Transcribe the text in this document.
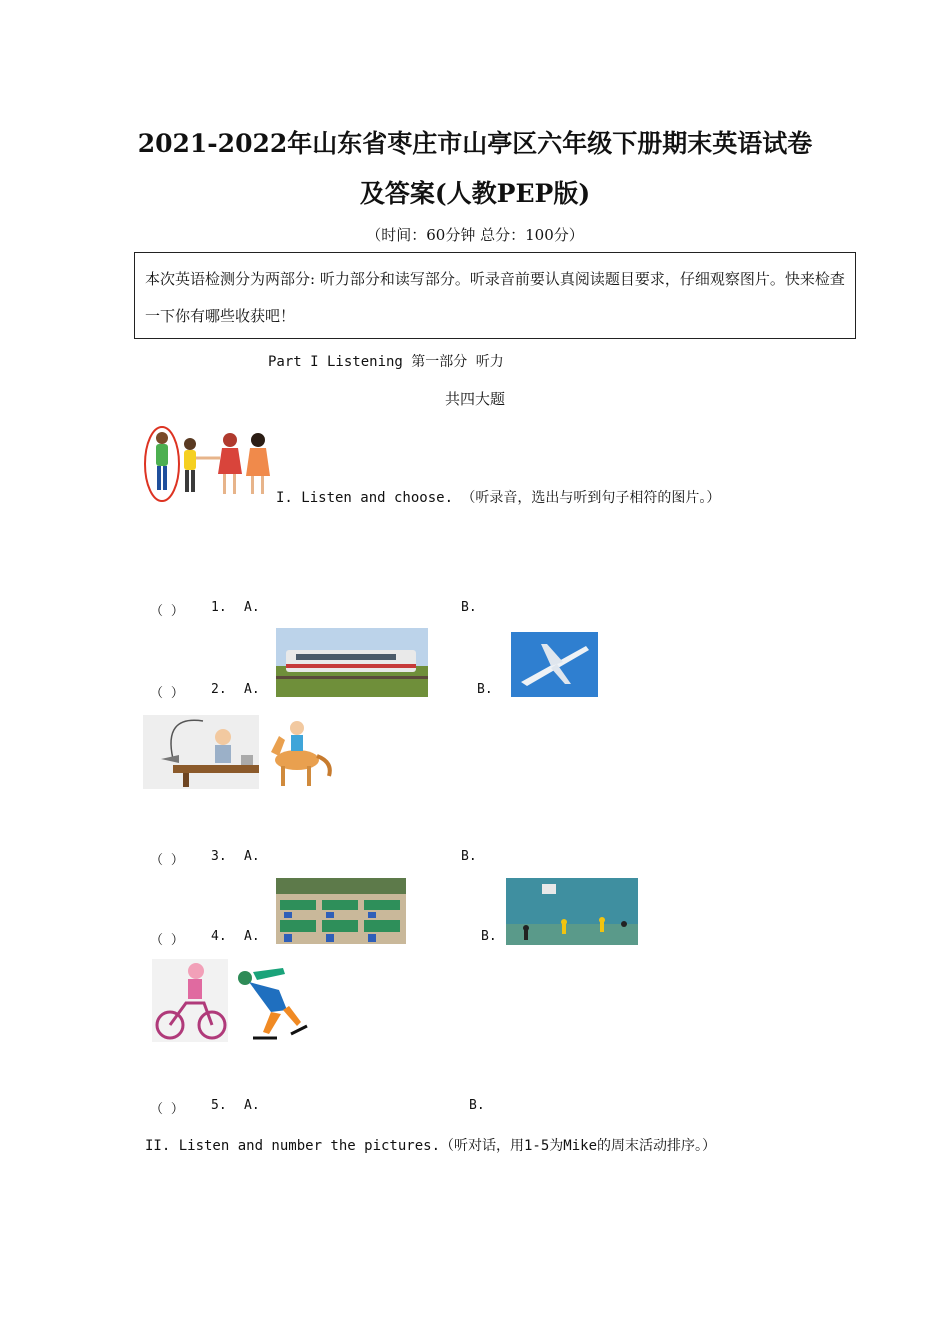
2021-2022年山东省枣庄市山亭区六年级下册期末英语试卷
及答案(人教PEP版)
（时间：60分钟 总分：100分）
本次英语检测分为两部分: 听力部分和读写部分。听录音前要认真阅读题目要求，仔细观察图片。快来检查一下你有哪些收获吧！
Part I Listening 第一部分 听力
共四大题
I. Listen and choose. （听录音，选出与听到句子相符的图片。）
（ ） 1. A.	B.
（ ） 2. A.	B.
（ ） 3. A.	B.
（ ） 4. A.	B.
（ ） 5. A.	B.
II. Listen and number the pictures.（听对话，用1-5为Mike的周末活动排序。）
